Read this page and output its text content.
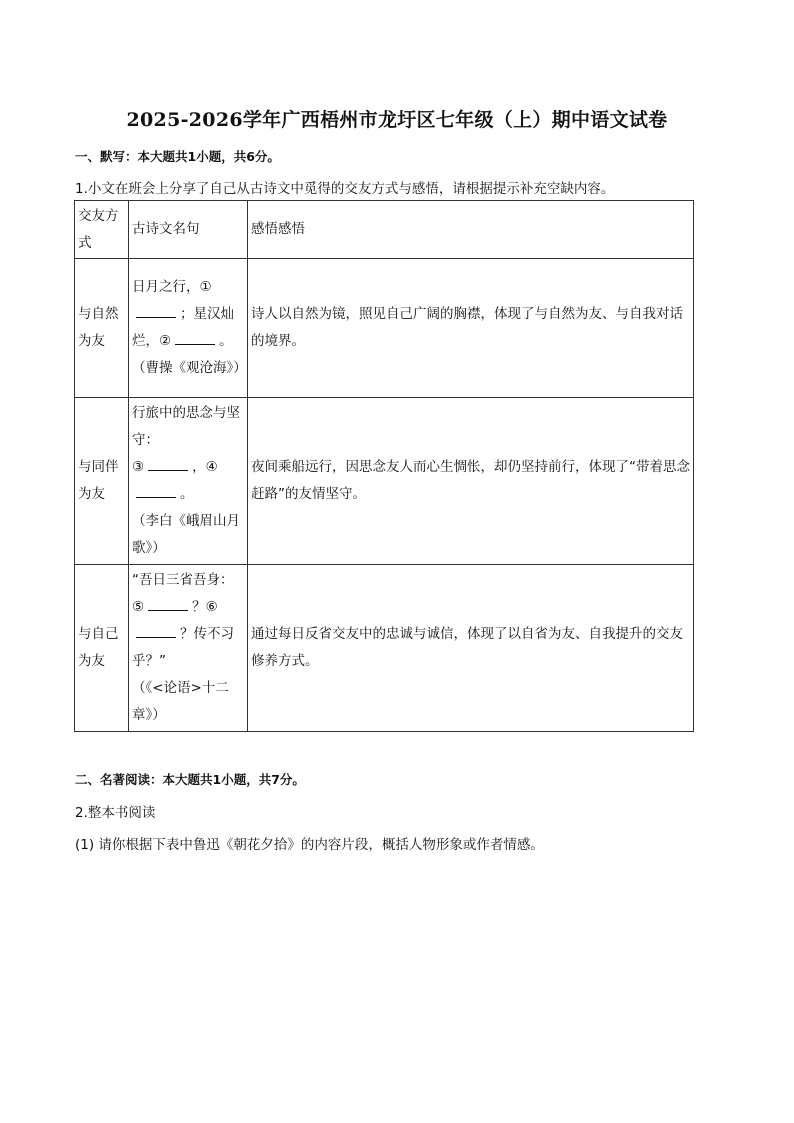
2025-2026学年广西梧州市龙圩区七年级（上）期中语文试卷
一、默写：本大题共1小题，共6分。
1.小文在班会上分享了自己从古诗文中觅得的交友方式与感悟，请根据提示补充空缺内容。
交友方式	古诗文名句	感悟感悟
与自然为友	日月之行，①
；星汉灿烂，② 。
（曹操《观沧海》）	诗人以自然为镜，照见自己广阔的胸襟，体现了与自然为友、与自我对话的境界。
与同伴为友	行旅中的思念与坚守：
③ ，④
。
（李白《峨眉山月歌》）	夜间乘船远行，因思念友人而心生惆怅，却仍坚持前行，体现了“带着思念赶路”的友情坚守。
与自己为友	“吾日三省吾身：
⑤ ？⑥
？传不习乎？”
（《<论语>十二章》）	通过每日反省交友中的忠诚与诚信，体现了以自省为友、自我提升的交友修养方式。
二、名著阅读：本大题共1小题，共7分。
2.整本书阅读
(1) 请你根据下表中鲁迅《朝花夕拾》的内容片段，概括人物形象或作者情感。
